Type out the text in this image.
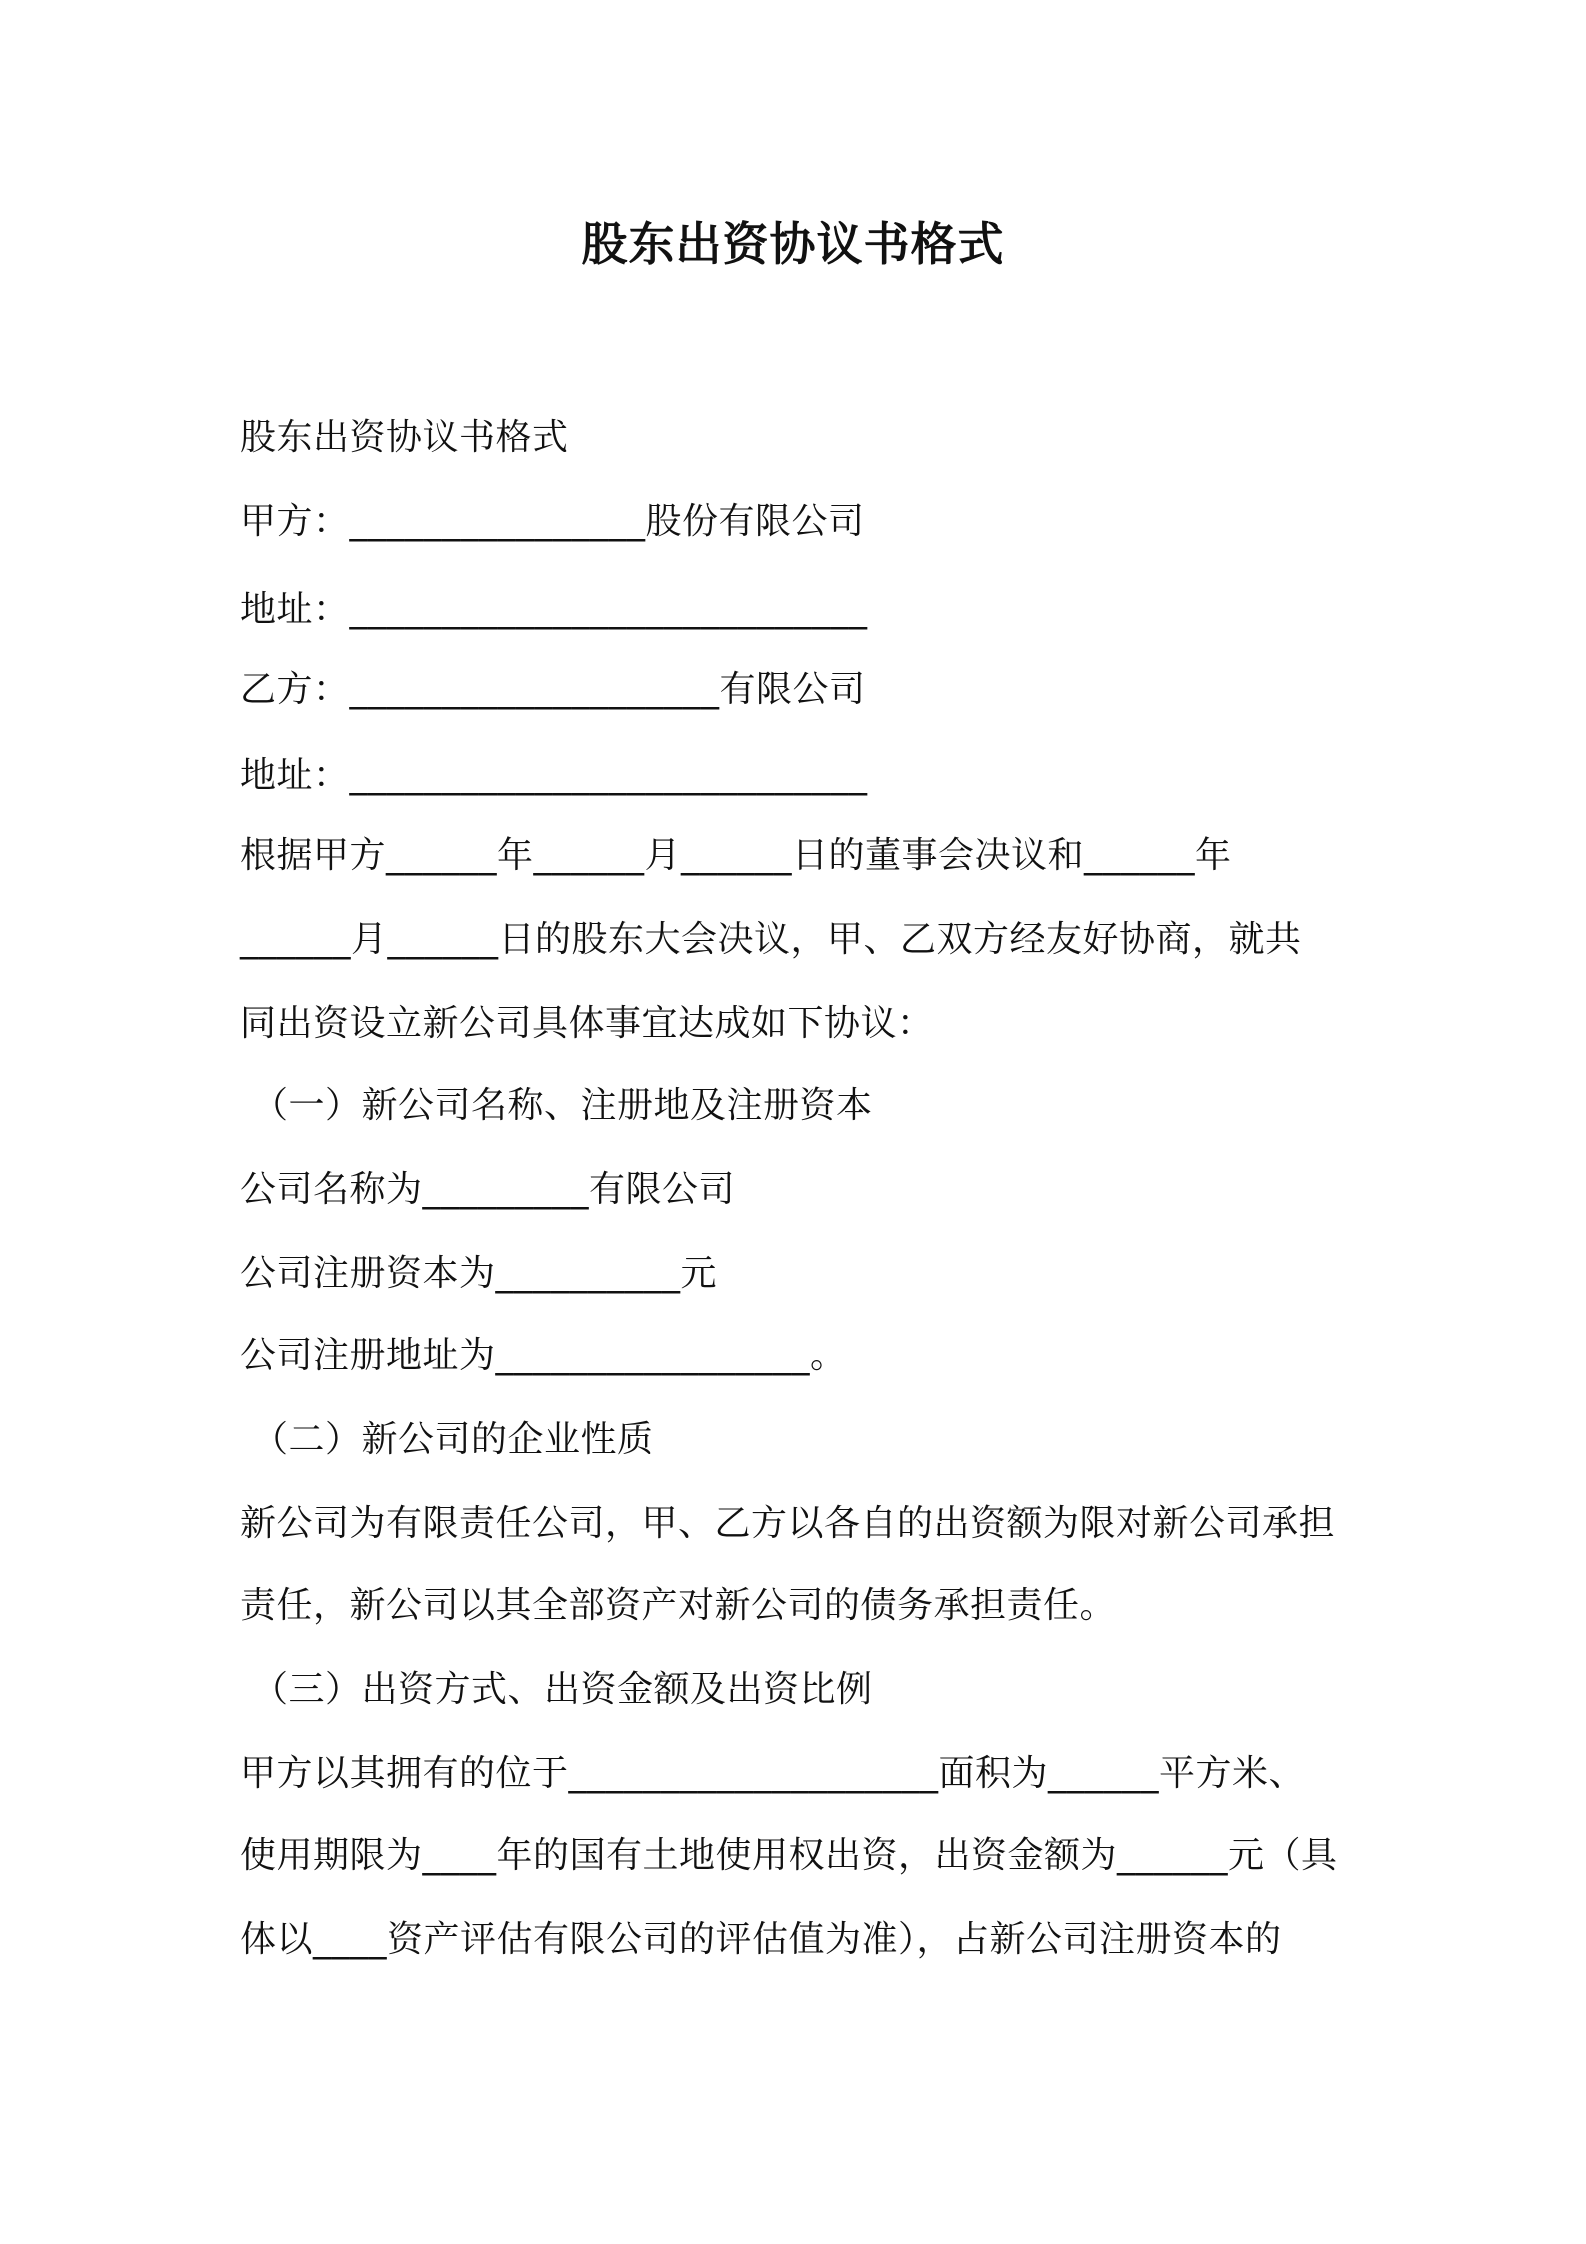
股东出资协议书格式
股东出资协议书格式
甲方：________________股份有限公司
地址：____________________________
乙方：____________________有限公司
地址：____________________________
根据甲方______年______月______日的董事会决议和______年
______月______日的股东大会决议，甲、乙双方经友好协商，就共
同出资设立新公司具体事宜达成如下协议：
（一）新公司名称、注册地及注册资本
公司名称为_________有限公司
公司注册资本为__________元
公司注册地址为_________________。
（二）新公司的企业性质
新公司为有限责任公司，甲、乙方以各自的出资额为限对新公司承担
责任，新公司以其全部资产对新公司的债务承担责任。
（三）出资方式、出资金额及出资比例
甲方以其拥有的位于____________________面积为______平方米、
使用期限为____年的国有土地使用权出资，出资金额为______元（具
体以____资产评估有限公司的评估值为准），占新公司注册资本的
